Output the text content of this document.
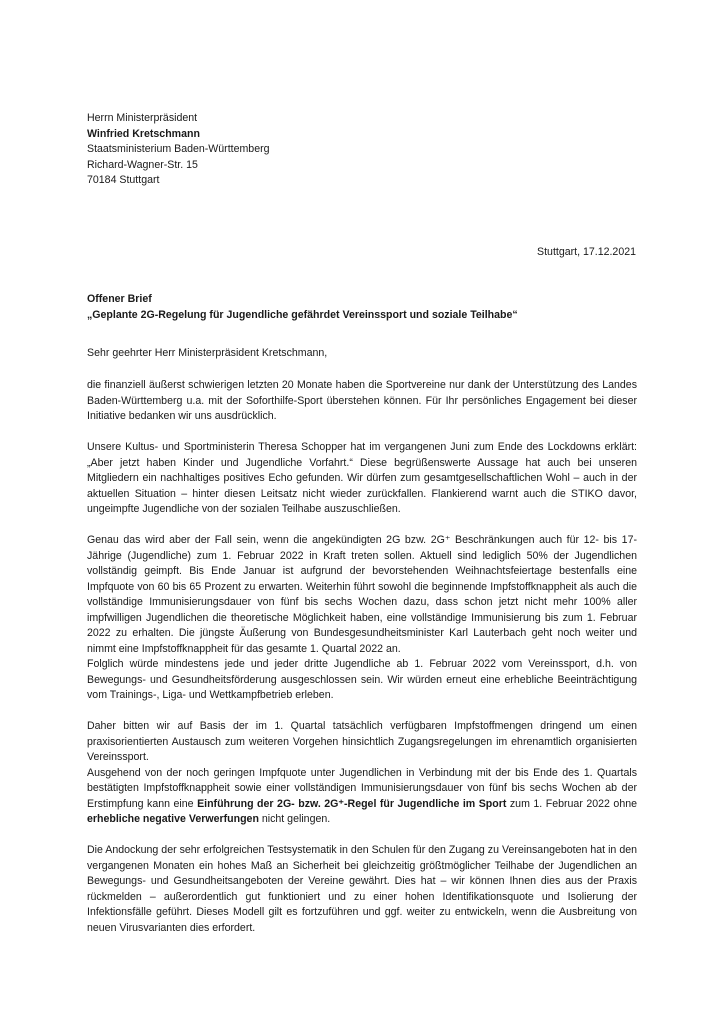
Herrn Ministerpräsident
Winfried Kretschmann
Staatsministerium Baden-Württemberg
Richard-Wagner-Str. 15
70184 Stuttgart
Stuttgart, 17.12.2021
Offener Brief
„Geplante 2G-Regelung für Jugendliche gefährdet Vereinssport und soziale Teilhabe“
Sehr geehrter Herr Ministerpräsident Kretschmann,

die finanziell äußerst schwierigen letzten 20 Monate haben die Sportvereine nur dank der Unterstützung des Landes Baden-Württemberg u.a. mit der Soforthilfe-Sport überstehen können. Für Ihr persönliches Engagement bei dieser Initiative bedanken wir uns ausdrücklich.

Unsere Kultus- und Sportministerin Theresa Schopper hat im vergangenen Juni zum Ende des Lockdowns erklärt: „Aber jetzt haben Kinder und Jugendliche Vorfahrt.“ Diese begrüßenswerte Aussage hat auch bei unseren Mitgliedern ein nachhaltiges positives Echo gefunden. Wir dürfen zum gesamtgesellschaftlichen Wohl – auch in der aktuellen Situation – hinter diesen Leitsatz nicht wieder zurückfallen. Flankierend warnt auch die STIKO davor, ungeimpfte Jugendliche von der sozialen Teilhabe auszuschließen.

Genau das wird aber der Fall sein, wenn die angekündigten 2G bzw. 2G⁺ Beschränkungen auch für 12- bis 17-Jährige (Jugendliche) zum 1. Februar 2022 in Kraft treten sollen. Aktuell sind lediglich 50% der Jugendlichen vollständig geimpft. Bis Ende Januar ist aufgrund der bevorstehenden Weihnachtsfeiertage bestenfalls eine Impfquote von 60 bis 65 Prozent zu erwarten. Weiterhin führt sowohl die beginnende Impfstoffknappheit als auch die vollständige Immunisierungsdauer von fünf bis sechs Wochen dazu, dass schon jetzt nicht mehr 100% aller impfwilligen Jugendlichen die theoretische Möglichkeit haben, eine vollständige Immunisierung bis zum 1. Februar 2022 zu erhalten. Die jüngste Äußerung von Bundesgesundheitsminister Karl Lauterbach geht noch weiter und nimmt eine Impfstoffknappheit für das gesamte 1. Quartal 2022 an.

Folglich würde mindestens jede und jeder dritte Jugendliche ab 1. Februar 2022 vom Vereinssport, d.h. von Bewegungs- und Gesundheitsförderung ausgeschlossen sein. Wir würden erneut eine erhebliche Beeinträchtigung vom Trainings-, Liga- und Wettkampfbetrieb erleben.

Daher bitten wir auf Basis der im 1. Quartal tatsächlich verfügbaren Impfstoffmengen dringend um einen praxisorientierten Austausch zum weiteren Vorgehen hinsichtlich Zugangsregelungen im ehrenamtlich organisierten Vereinssport.

Ausgehend von der noch geringen Impfquote unter Jugendlichen in Verbindung mit der bis Ende des 1. Quartals bestätigten Impfstoffknappheit sowie einer vollständigen Immunisierungsdauer von fünf bis sechs Wochen ab der Erstimpfung kann eine Einführung der 2G- bzw. 2G⁺-Regel für Jugendliche im Sport zum 1. Februar 2022 ohne erhebliche negative Verwerfungen nicht gelingen.

Die Andockung der sehr erfolgreichen Testsystematik in den Schulen für den Zugang zu Vereinsangeboten hat in den vergangenen Monaten ein hohes Maß an Sicherheit bei gleichzeitig größtmöglicher Teilhabe der Jugendlichen an Bewegungs- und Gesundheitsangeboten der Vereine gewährt. Dies hat – wir können Ihnen dies aus der Praxis rückmelden – außerordentlich gut funktioniert und zu einer hohen Identifikationsquote und Isolierung der Infektionsfälle geführt. Dieses Modell gilt es fortzuführen und ggf. weiter zu entwickeln, wenn die Ausbreitung von neuen Virusvarianten dies erfordert.
